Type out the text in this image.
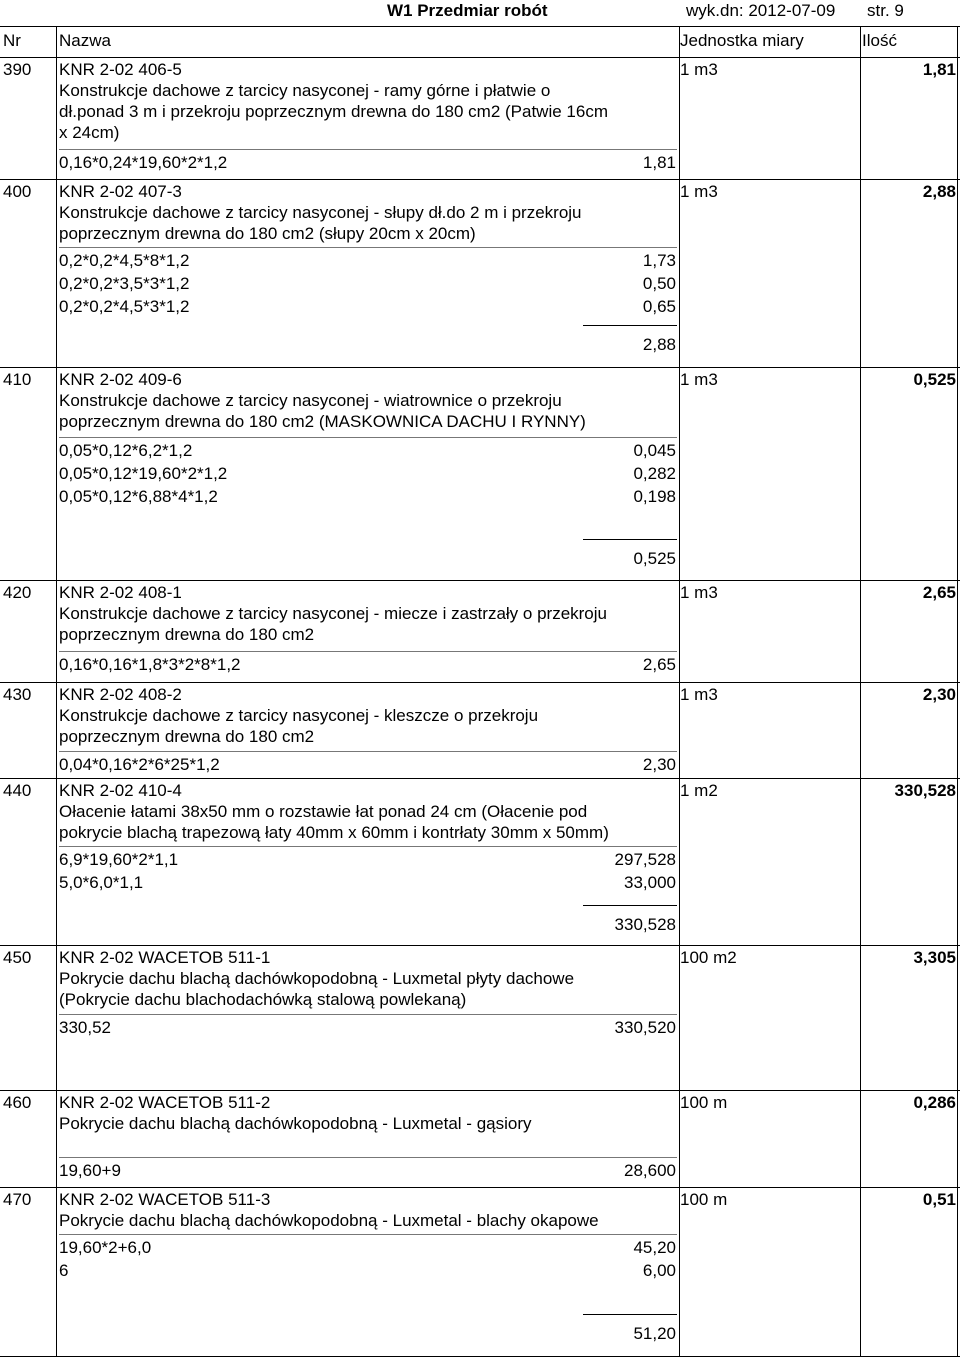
W1 Przedmiar robót	wyk.dn: 2012-07-09 str. 9
Nr Nazwa	Jednostka miary	Ilość
390 KNR 2-02 406-5
Konstrukcje dachowe z tarcicy nasyconej - ramy górne i płatwie o
dł.ponad 3 m i przekroju poprzecznym drewna do 180 cm2 (Patwie 16cm
x 24cm)
1 m3	1,81
0,16*0,24*19,60*2*1,2	1,81
400 KNR 2-02 407-3
Konstrukcje dachowe z tarcicy nasyconej - słupy dł.do 2 m i przekroju
poprzecznym drewna do 180 cm2 (słupy 20cm x 20cm)
1 m3	2,88
0,2*0,2*4,5*8*1,2	1,73
0,2*0,2*3,5*3*1,2	0,50
0,2*0,2*4,5*3*1,2	0,65
2,88
410 KNR 2-02 409-6
Konstrukcje dachowe z tarcicy nasyconej - wiatrownice o przekroju
poprzecznym drewna do 180 cm2 (MASKOWNICA DACHU I RYNNY)
1 m3	0,525
0,05*0,12*6,2*1,2	0,045
0,05*0,12*19,60*2*1,2	0,282
0,05*0,12*6,88*4*1,2	0,198
0,525
420 KNR 2-02 408-1
Konstrukcje dachowe z tarcicy nasyconej - miecze i zastrzały o przekroju
poprzecznym drewna do 180 cm2
1 m3	2,65
0,16*0,16*1,8*3*2*8*1,2	2,65
430 KNR 2-02 408-2
Konstrukcje dachowe z tarcicy nasyconej - kleszcze o przekroju
poprzecznym drewna do 180 cm2
1 m3	2,30
0,04*0,16*2*6*25*1,2	2,30
440 KNR 2-02 410-4
Ołacenie łatami 38x50 mm o rozstawie łat ponad 24 cm (Ołacenie pod
pokrycie blachą trapezową łaty 40mm x 60mm i kontrłaty 30mm x 50mm)
1 m2	330,528
6,9*19,60*2*1,1	297,528
5,0*6,0*1,1	33,000
330,528
450 KNR 2-02 WACETOB 511-1
Pokrycie dachu blachą dachówkopodobną - Luxmetal płyty dachowe
(Pokrycie dachu blachodachówką stalową powlekaną)
100 m2	3,305
330,52	330,520
460 KNR 2-02 WACETOB 511-2
Pokrycie dachu blachą dachówkopodobną - Luxmetal - gąsiory
100 m	0,286
19,60+9	28,600
470 KNR 2-02 WACETOB 511-3
Pokrycie dachu blachą dachówkopodobną - Luxmetal - blachy okapowe
100 m	0,51
19,60*2+6,0	45,20
6	6,00
51,20
